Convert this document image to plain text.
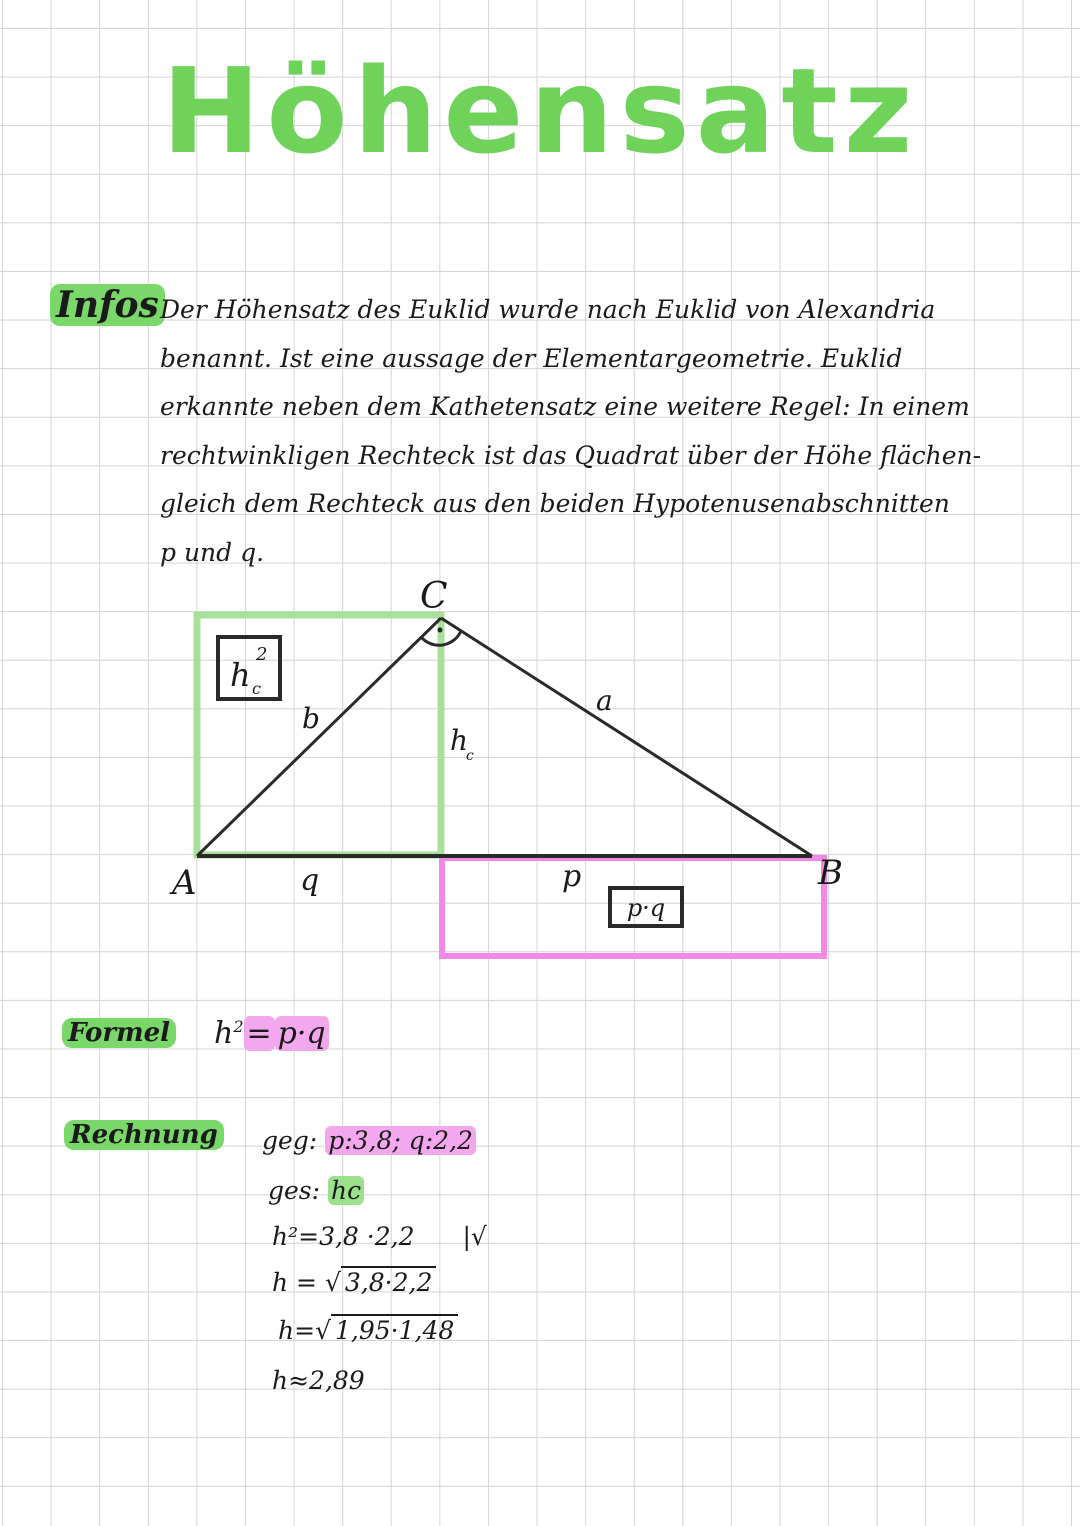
Höhensatz
Infos Der Höhensatz des Euklid wurde nach Euklid von Alexandria
benannt. Ist eine aussage der Elementargeometrie. Euklid
erkannte neben dem Kathetensatz eine weitere Regel: In einem
rechtwinkligen Rechteck ist das Quadrat über der Höhe flächen-
gleich dem Rechteck aus den beiden Hypotenusenabschnitten
p und q.
h c
2
p·q
A	B
C
b
a
h
c
q	p
Formel $h^2 = p\cdot q$
Rechnung geg: p:3,8; q:2,2
ges: hc
h²=3,8 ·2,2 |√
h = √ 3,8·2,2
h=√ 1,95·1,48
h≈2,89
